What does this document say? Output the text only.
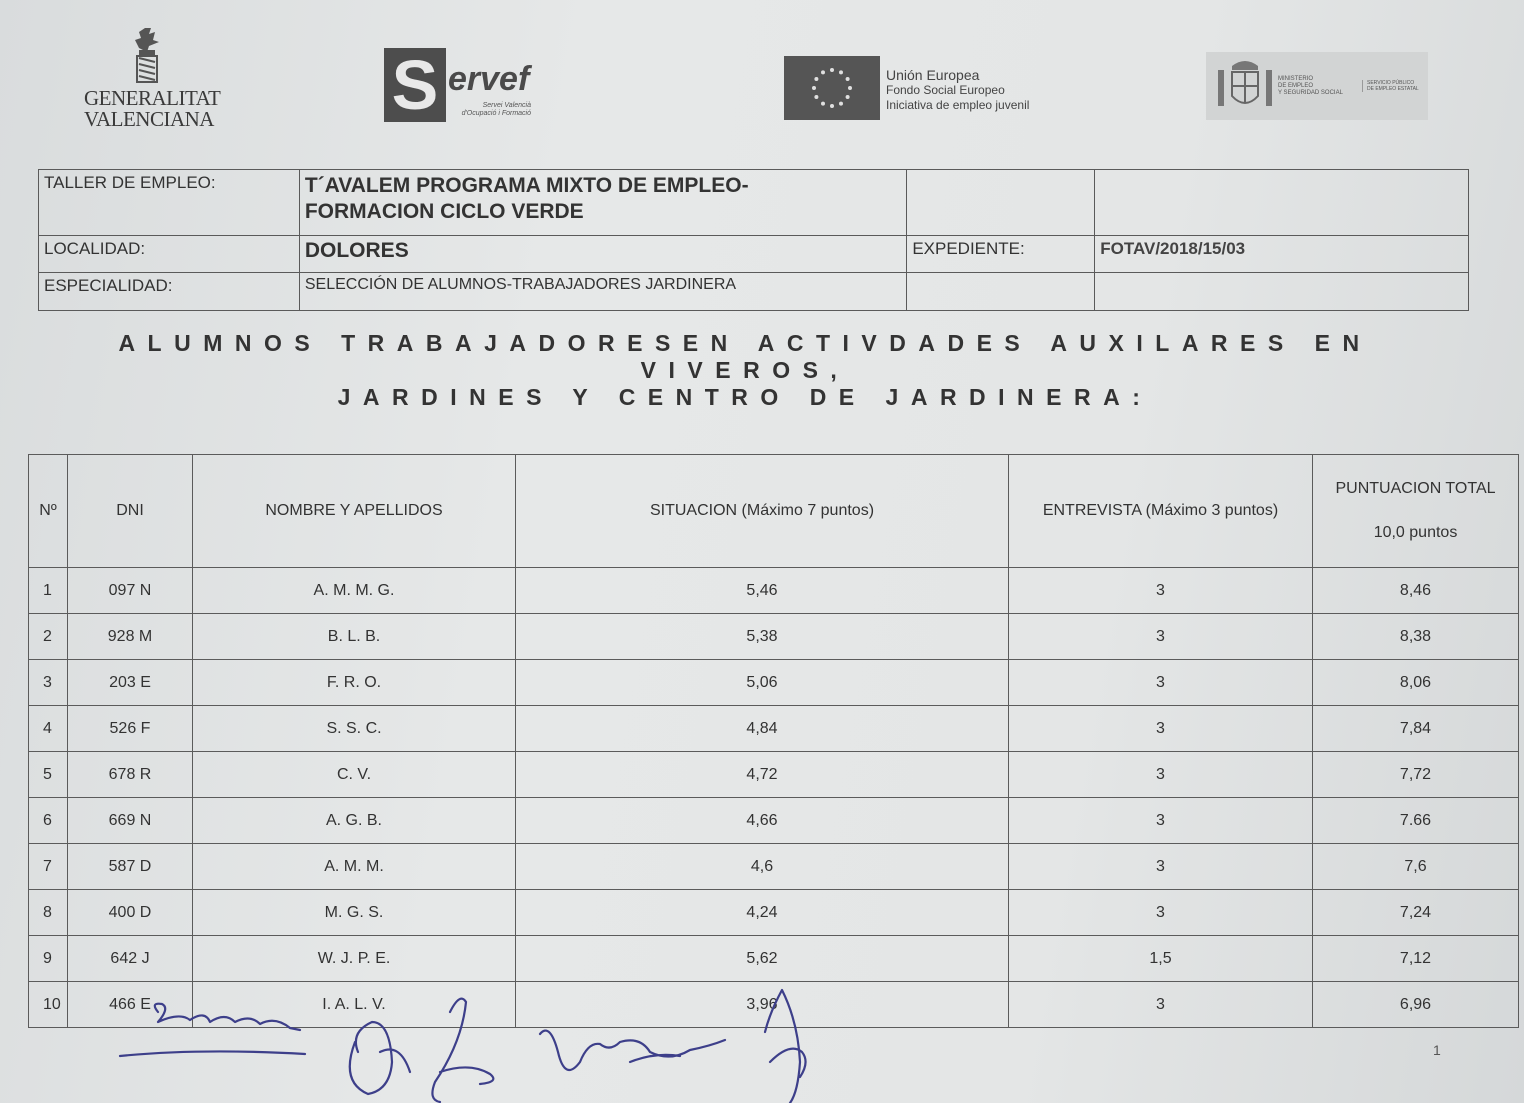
GENERALITAT
VALENCIANA	S ervef
Servei Valencià
d'Ocupació i Formació
Unión Europea
Fondo Social Europeo
Iniciativa de empleo juvenil
MINISTERIO
DE EMPLEO
Y SEGURIDAD SOCIAL
SERVICIO PÚBLICO
DE EMPLEO ESTATAL
TALLER DE EMPLEO:	T´AVALEM PROGRAMA MIXTO DE EMPLEO-
FORMACION CICLO VERDE		

LOCALIDAD:	DOLORES	EXPEDIENTE:	FOTAV/2018/15/03
ESPECIALIDAD:	SELECCIÓN DE ALUMNOS-TRABAJADORES JARDINERA		
ALUMNOS TRABAJADORESEN ACTIVDADES AUXILARES EN VIVEROS,
JARDINES Y CENTRO DE JARDINERA:
Nº	DNI	NOMBRE Y APELLIDOS	SITUACION (Máximo 7 puntos)	ENTREVISTA (Máximo 3 puntos)	PUNTUACION TOTAL
10,0 puntos

1	097 N	A. M. M. G.	5,46	3	8,46
2	928 M	B. L. B.	5,38	3	8,38
3	203 E	F. R. O.	5,06	3	8,06
4	526 F	S. S. C.	4,84	3	7,84
5	678 R	C. V.	4,72	3	7,72
6	669 N	A. G. B.	4,66	3	7.66
7	587 D	A. M. M.	4,6	3	7,6
8	400 D	M. G. S.	4,24	3	7,24
9	642 J	W. J. P. E.	5,62	1,5	7,12
10	466 E	I. A. L. V.	3,96	3	6,96
1
